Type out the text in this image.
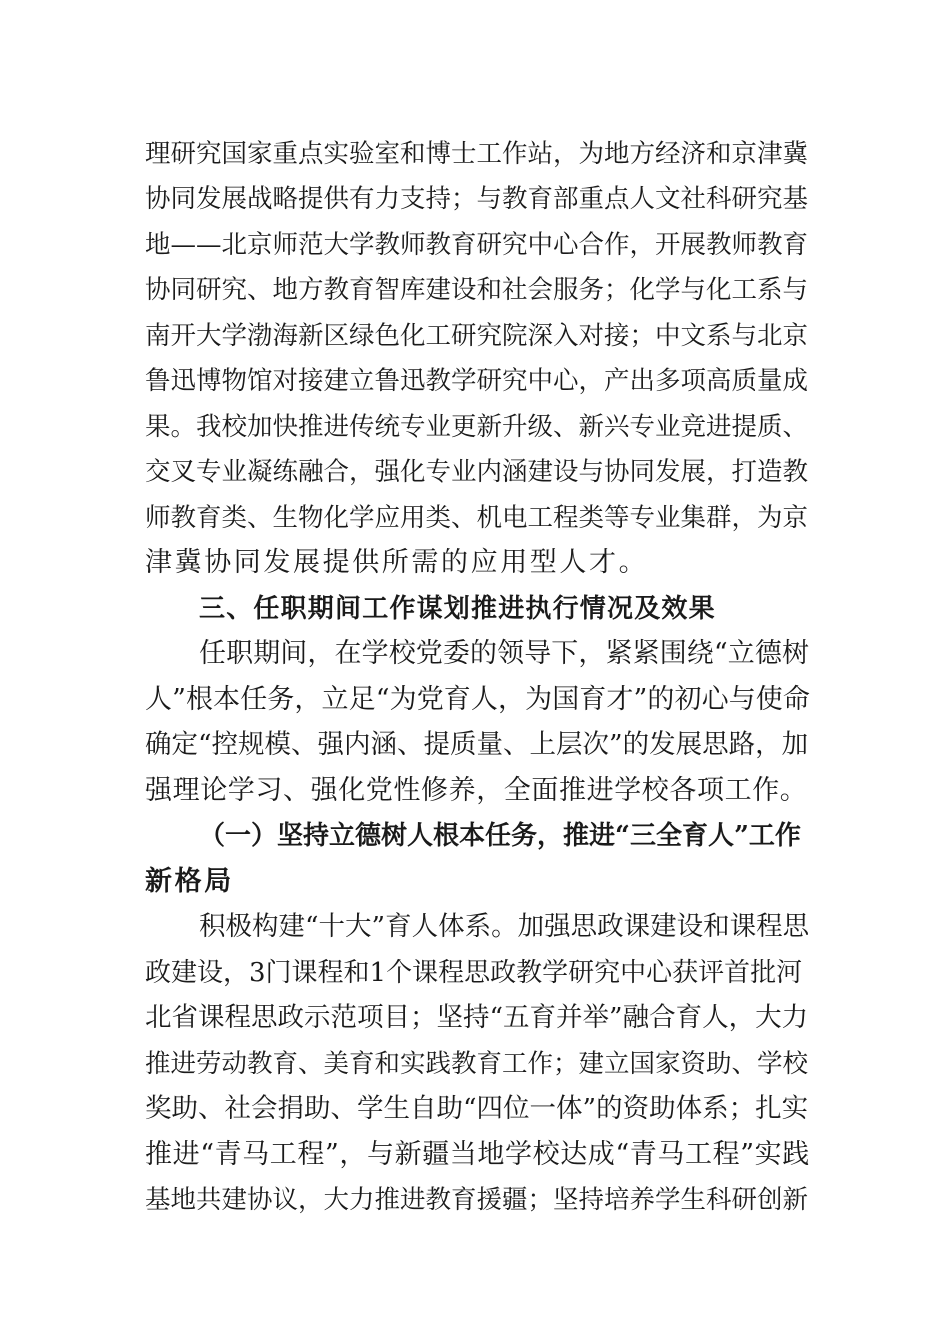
理研究国家重点实验室和博士工作站，为地方经济和京津冀
协同发展战略提供有力支持；与教育部重点人文社科研究基
地——北京师范大学教师教育研究中心合作，开展教师教育
协同研究、地方教育智库建设和社会服务；化学与化工系与
南开大学渤海新区绿色化工研究院深入对接；中文系与北京
鲁迅博物馆对接建立鲁迅教学研究中心，产出多项高质量成
果。我校加快推进传统专业更新升级、新兴专业竞进提质、
交叉专业凝练融合，强化专业内涵建设与协同发展，打造教
师教育类、生物化学应用类、机电工程类等专业集群，为京
津冀协同发展提供所需的应用型人才。
三、任职期间工作谋划推进执行情况及效果
任职期间，在学校党委的领导下，紧紧围绕“立德树
人”根本任务，立足“为党育人，为国育才”的初心与使命
确定“控规模、强内涵、提质量、上层次”的发展思路，加
强理论学习、强化党性修养，全面推进学校各项工作。
（一）坚持立德树人根本任务，推进“三全育人”工作
新格局
积极构建“十大”育人体系。加强思政课建设和课程思
政建设，3门课程和1个课程思政教学研究中心获评首批河
北省课程思政示范项目；坚持“五育并举”融合育人，大力
推进劳动教育、美育和实践教育工作；建立国家资助、学校
奖助、社会捐助、学生自助“四位一体”的资助体系；扎实
推进“青马工程”，与新疆当地学校达成“青马工程”实践
基地共建协议，大力推进教育援疆；坚持培养学生科研创新
